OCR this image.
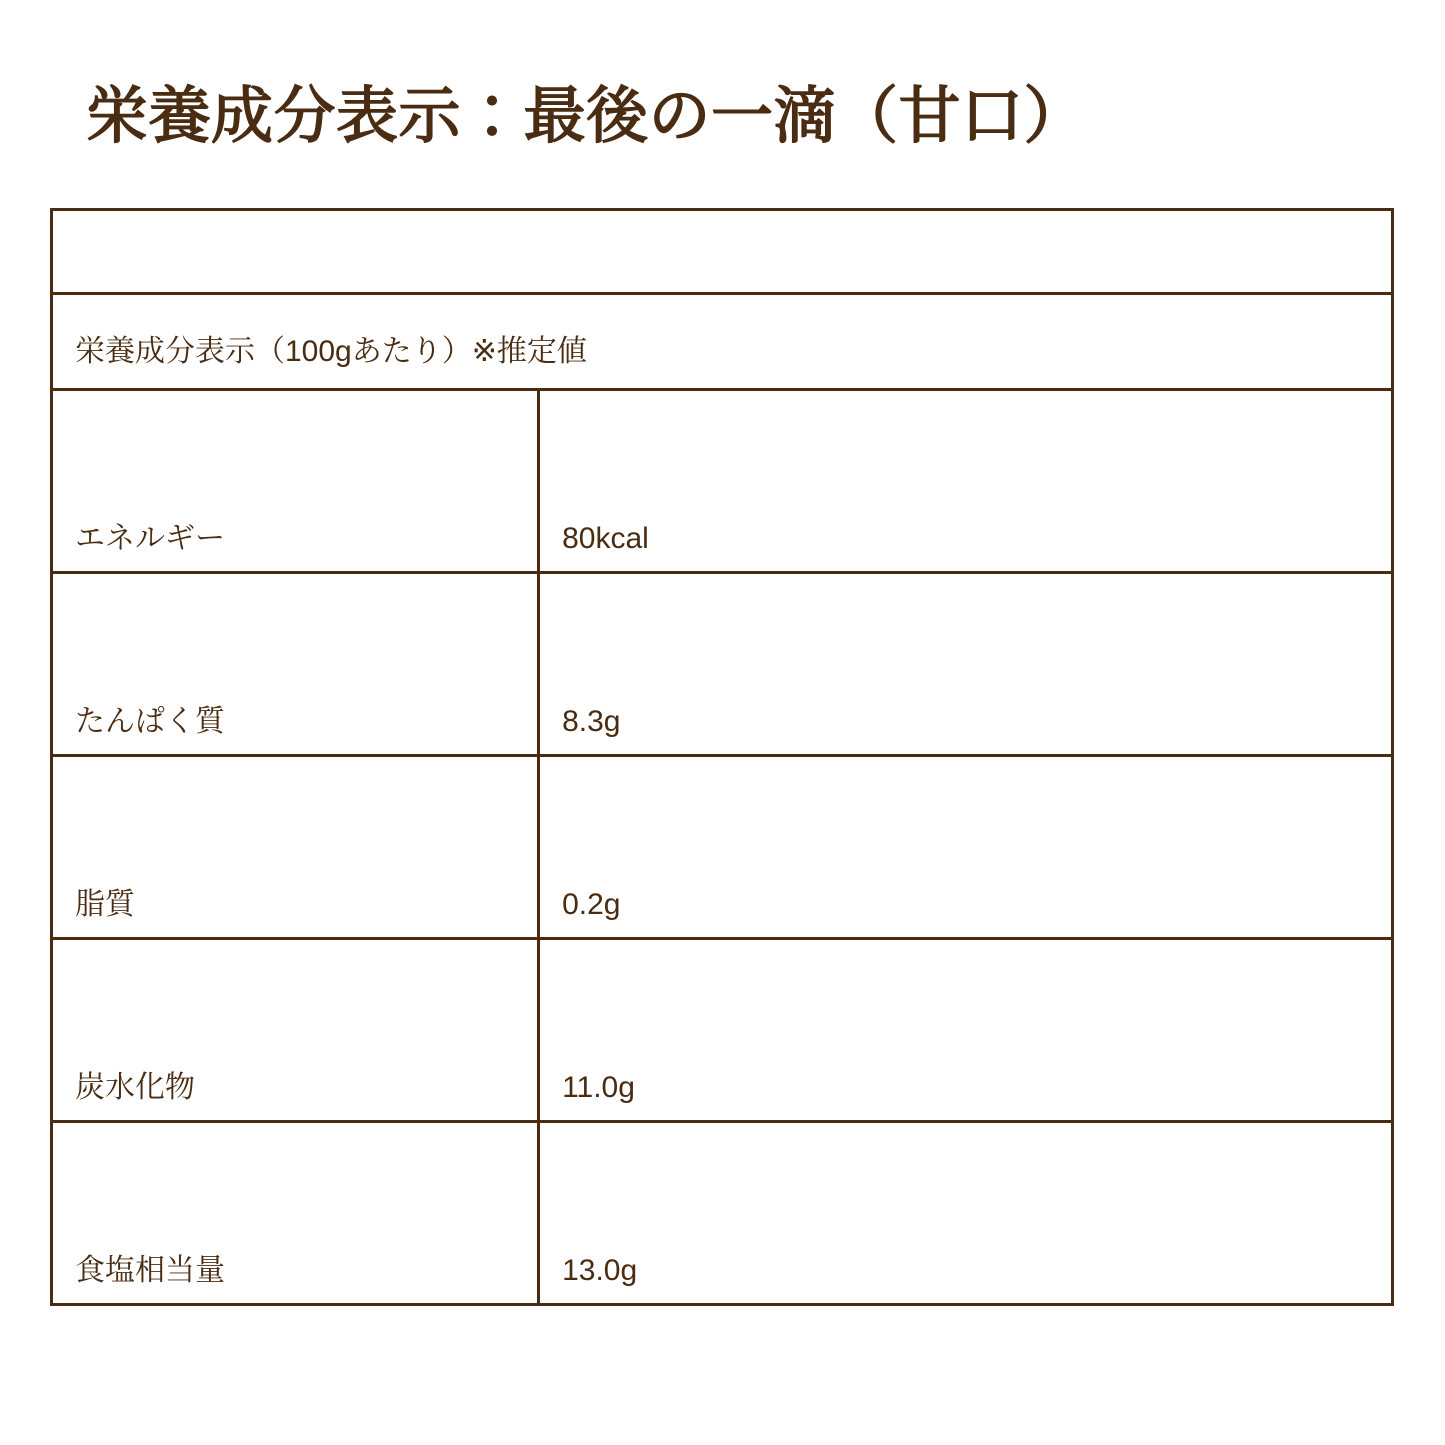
栄養成分表示：最後の一滴（甘口）

栄養成分表示（100gあたり）※推定値	
エネルギー	80kcal
たんぱく質	8.3g
脂質	0.2g
炭水化物	11.0g
食塩相当量	13.0g
